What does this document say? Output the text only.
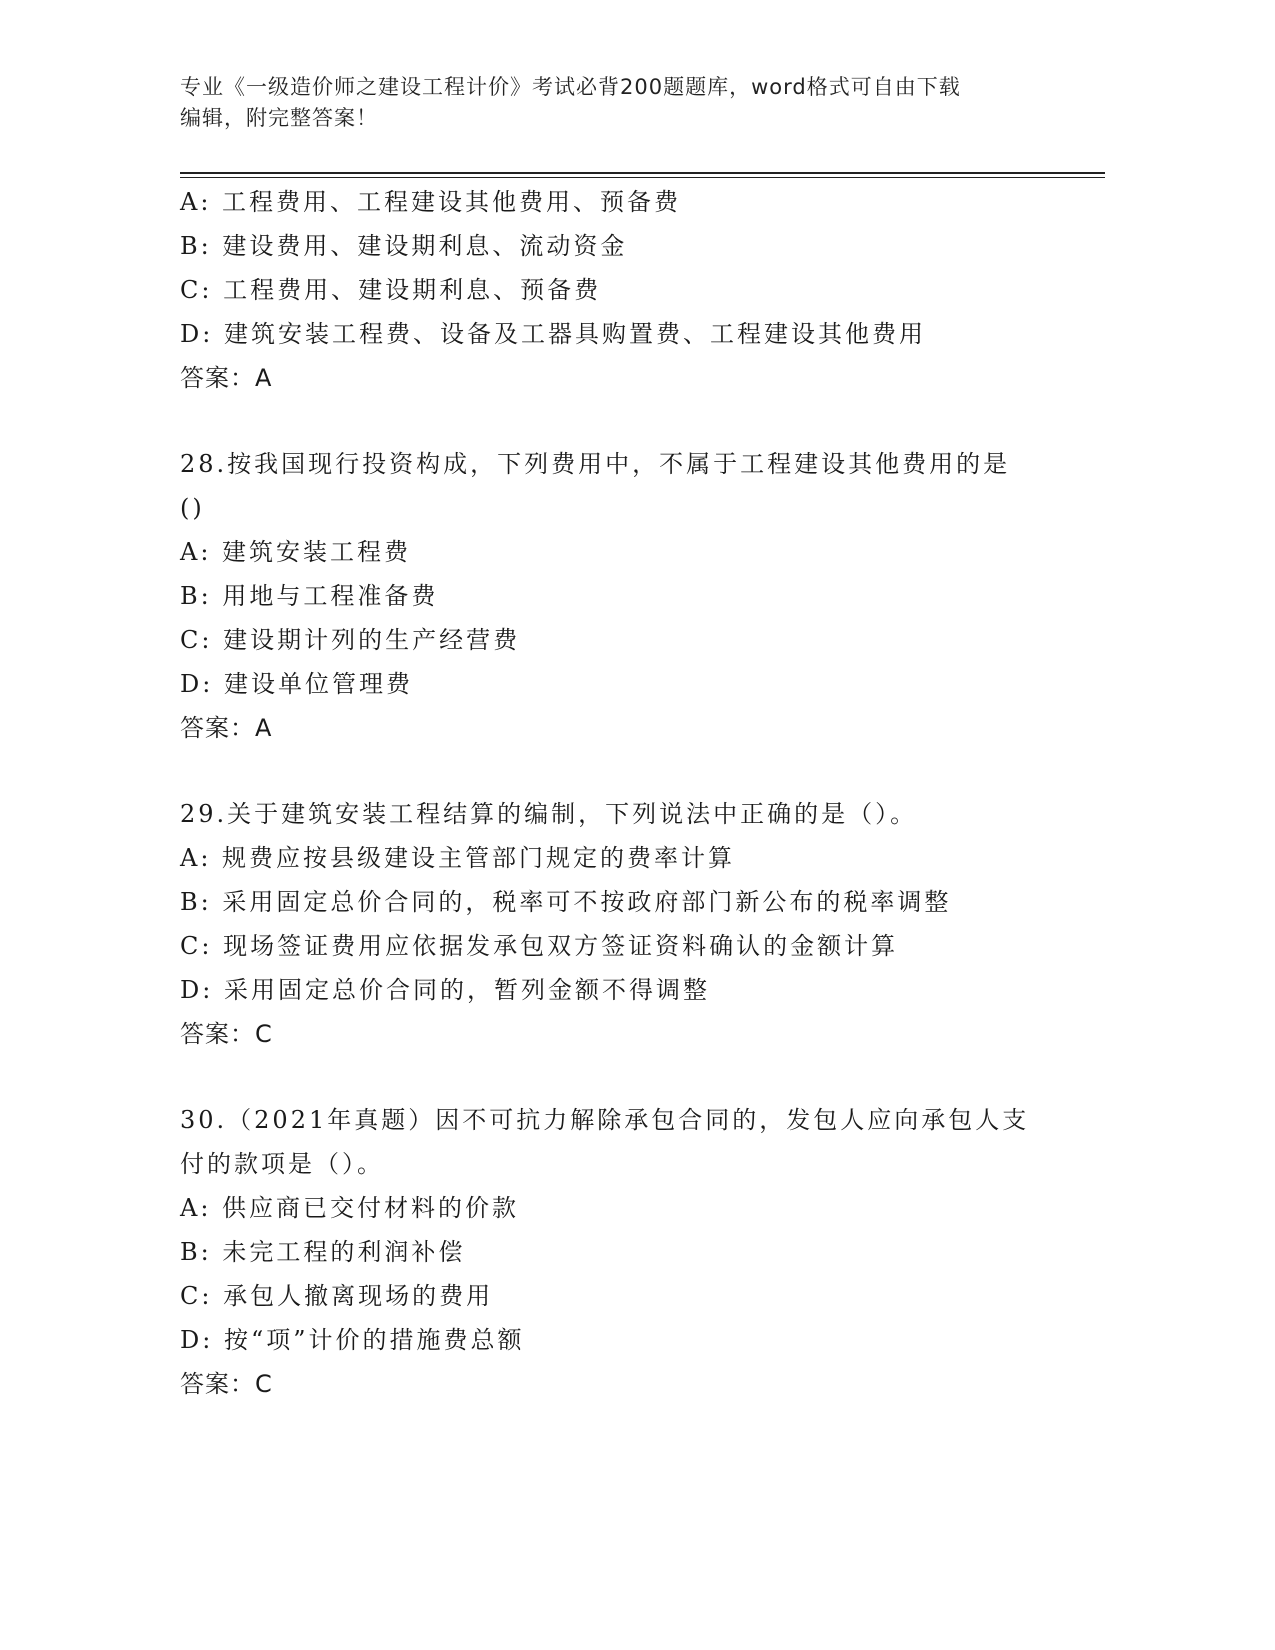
专业《一级造价师之建设工程计价》考试必背200题题库，word格式可自由下载
编辑，附完整答案！
A: 工程费用、工程建设其他费用、预备费
B: 建设费用、建设期利息、流动资金
C: 工程费用、建设期利息、预备费
D: 建筑安装工程费、设备及工器具购置费、工程建设其他费用
答案：A
28.按我国现行投资构成，下列费用中，不属于工程建设其他费用的是
()
A: 建筑安装工程费
B: 用地与工程准备费
C: 建设期计列的生产经营费
D: 建设单位管理费
答案：A
29.关于建筑安装工程结算的编制，下列说法中正确的是（）。
A: 规费应按县级建设主管部门规定的费率计算
B: 采用固定总价合同的，税率可不按政府部门新公布的税率调整
C: 现场签证费用应依据发承包双方签证资料确认的金额计算
D: 采用固定总价合同的，暂列金额不得调整
答案：C
30.（2021年真题）因不可抗力解除承包合同的，发包人应向承包人支
付的款项是（）。
A: 供应商已交付材料的价款
B: 未完工程的利润补偿
C: 承包人撤离现场的费用
D: 按“项”计价的措施费总额
答案：C
